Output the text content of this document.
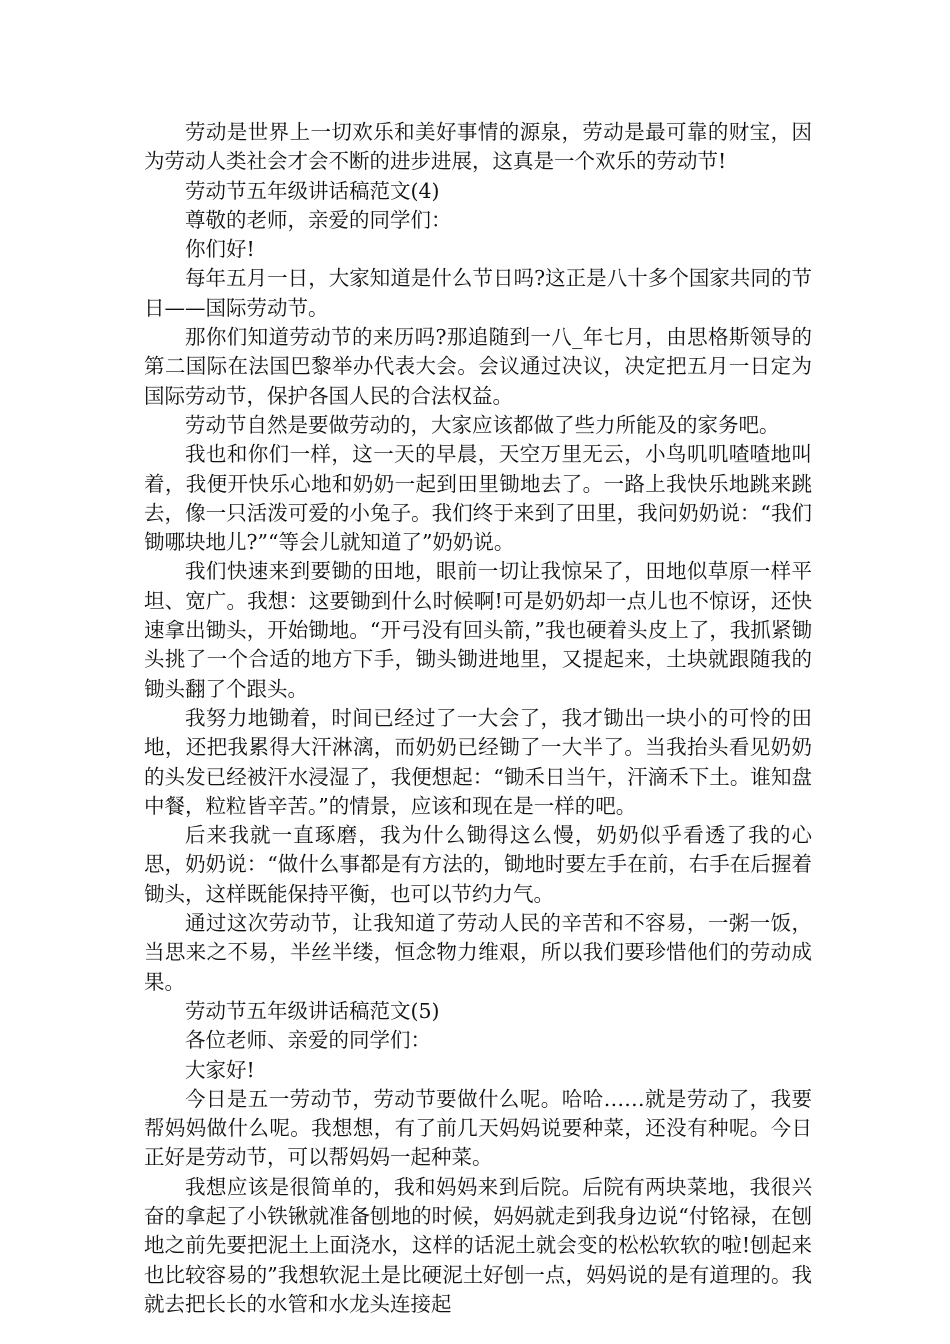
劳动是世界上一切欢乐和美好事情的源泉，劳动是最可靠的财宝，因为劳动人类社会才会不断的进步进展，这真是一个欢乐的劳动节!

劳动节五年级讲话稿范文(4)

尊敬的老师，亲爱的同学们：

你们好!

每年五月一日，大家知道是什么节日吗?这正是八十多个国家共同的节日——国际劳动节。

那你们知道劳动节的来历吗?那追随到一八_年七月，由思格斯领导的第二国际在法国巴黎举办代表大会。会议通过决议，决定把五月一日定为国际劳动节，保护各国人民的合法权益。

劳动节自然是要做劳动的，大家应该都做了些力所能及的家务吧。

我也和你们一样，这一天的早晨，天空万里无云，小鸟叽叽喳喳地叫着，我便开快乐心地和奶奶一起到田里锄地去了。一路上我快乐地跳来跳去，像一只活泼可爱的小兔子。我们终于来到了田里，我问奶奶说：“我们锄哪块地儿?”“等会儿就知道了”奶奶说。

我们快速来到要锄的田地，眼前一切让我惊呆了，田地似草原一样平坦、宽广。我想：这要锄到什么时候啊!可是奶奶却一点儿也不惊讶，还快速拿出锄头，开始锄地。“开弓没有回头箭，”我也硬着头皮上了，我抓紧锄头挑了一个合适的地方下手，锄头锄进地里，又提起来，土块就跟随我的锄头翻了个跟头。

我努力地锄着，时间已经过了一大会了，我才锄出一块小的可怜的田地，还把我累得大汗淋漓，而奶奶已经锄了一大半了。当我抬头看见奶奶的头发已经被汗水浸湿了，我便想起：“锄禾日当午，汗滴禾下土。谁知盘中餐，粒粒皆辛苦。”的情景，应该和现在是一样的吧。

后来我就一直琢磨，我为什么锄得这么慢，奶奶似乎看透了我的心思，奶奶说：“做什么事都是有方法的，锄地时要左手在前，右手在后握着锄头，这样既能保持平衡，也可以节约力气。

通过这次劳动节，让我知道了劳动人民的辛苦和不容易，一粥一饭，当思来之不易，半丝半缕，恒念物力维艰，所以我们要珍惜他们的劳动成果。

劳动节五年级讲话稿范文(5)

各位老师、亲爱的同学们：

大家好!

今日是五一劳动节，劳动节要做什么呢。哈哈……就是劳动了，我要帮妈妈做什么呢。我想想，有了前几天妈妈说要种菜，还没有种呢。今日正好是劳动节，可以帮妈妈一起种菜。

我想应该是很简单的，我和妈妈来到后院。后院有两块菜地，我很兴奋的拿起了小铁锹就准备刨地的时候，妈妈就走到我身边说“付铭禄，在刨地之前先要把泥土上面浇水，这样的话泥土就会变的松松软软的啦!刨起来也比较容易的”我想软泥土是比硬泥土好刨一点，妈妈说的是有道理的。我就去把长长的水管和水龙头连接起
